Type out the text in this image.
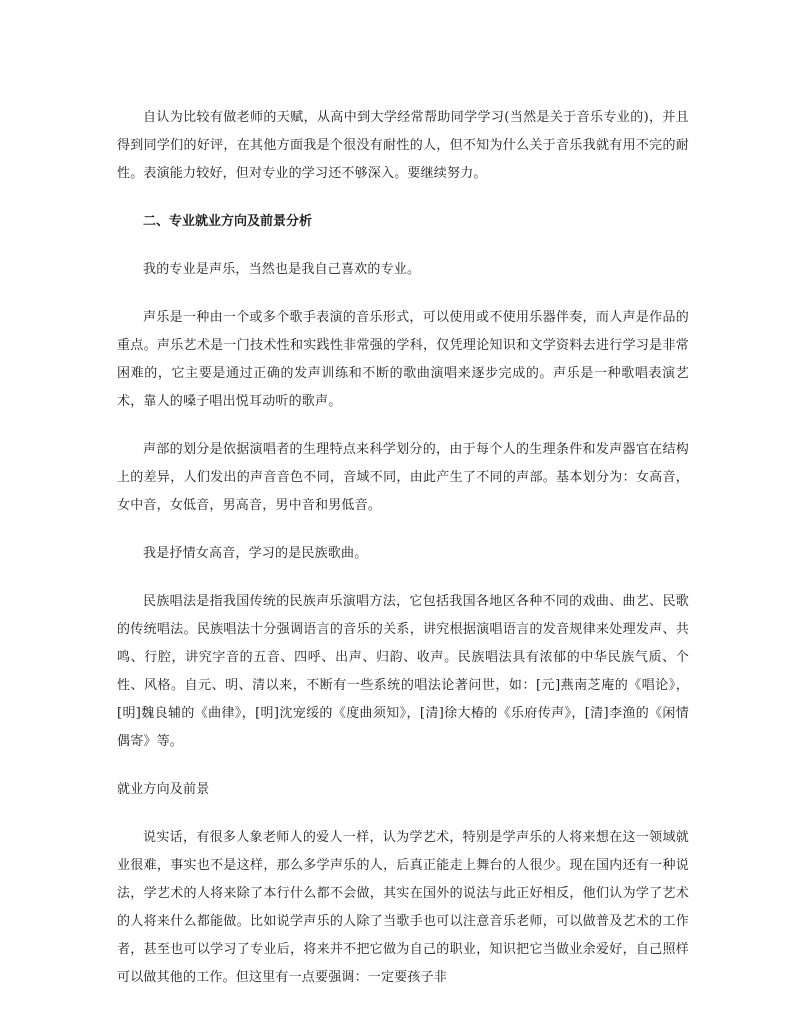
自认为比较有做老师的天赋，从高中到大学经常帮助同学学习(当然是关于音乐专业的)，并且得到同学们的好评，在其他方面我是个很没有耐性的人，但不知为什么关于音乐我就有用不完的耐性。表演能力较好，但对专业的学习还不够深入。要继续努力。

二、专业就业方向及前景分析

我的专业是声乐，当然也是我自己喜欢的专业。

声乐是一种由一个或多个歌手表演的音乐形式，可以使用或不使用乐器伴奏，而人声是作品的重点。声乐艺术是一门技术性和实践性非常强的学科，仅凭理论知识和文学资料去进行学习是非常困难的，它主要是通过正确的发声训练和不断的歌曲演唱来逐步完成的。声乐是一种歌唱表演艺术，靠人的嗓子唱出悦耳动听的歌声。

声部的划分是依据演唱者的生理特点来科学划分的，由于每个人的生理条件和发声器官在结构上的差异，人们发出的声音音色不同，音域不同，由此产生了不同的声部。基本划分为：女高音，女中音，女低音，男高音，男中音和男低音。

我是抒情女高音，学习的是民族歌曲。

民族唱法是指我国传统的民族声乐演唱方法，它包括我国各地区各种不同的戏曲、曲艺、民歌的传统唱法。民族唱法十分强调语言的音乐的关系，讲究根据演唱语言的发音规律来处理发声、共鸣、行腔，讲究字音的五音、四呼、出声、归韵、收声。民族唱法具有浓郁的中华民族气质、个性、风格。自元、明、清以来，不断有一些系统的唱法论著问世，如：[元]燕南芝庵的《唱论》，[明]魏良辅的《曲律》，[明]沈宠绥的《度曲须知》，[清]徐大椿的《乐府传声》，[清]李渔的《闲情偶寄》等。

就业方向及前景

说实话，有很多人象老师人的爱人一样，认为学艺术，特别是学声乐的人将来想在这一领域就业很难，事实也不是这样，那么多学声乐的人，后真正能走上舞台的人很少。现在国内还有一种说法，学艺术的人将来除了本行什么都不会做，其实在国外的说法与此正好相反，他们认为学了艺术的人将来什么都能做。比如说学声乐的人除了当歌手也可以注意音乐老师，可以做普及艺术的工作者，甚至也可以学习了专业后，将来并不把它做为自己的职业，知识把它当做业余爱好，自己照样可以做其他的工作。但这里有一点要强调：一定要孩子非
